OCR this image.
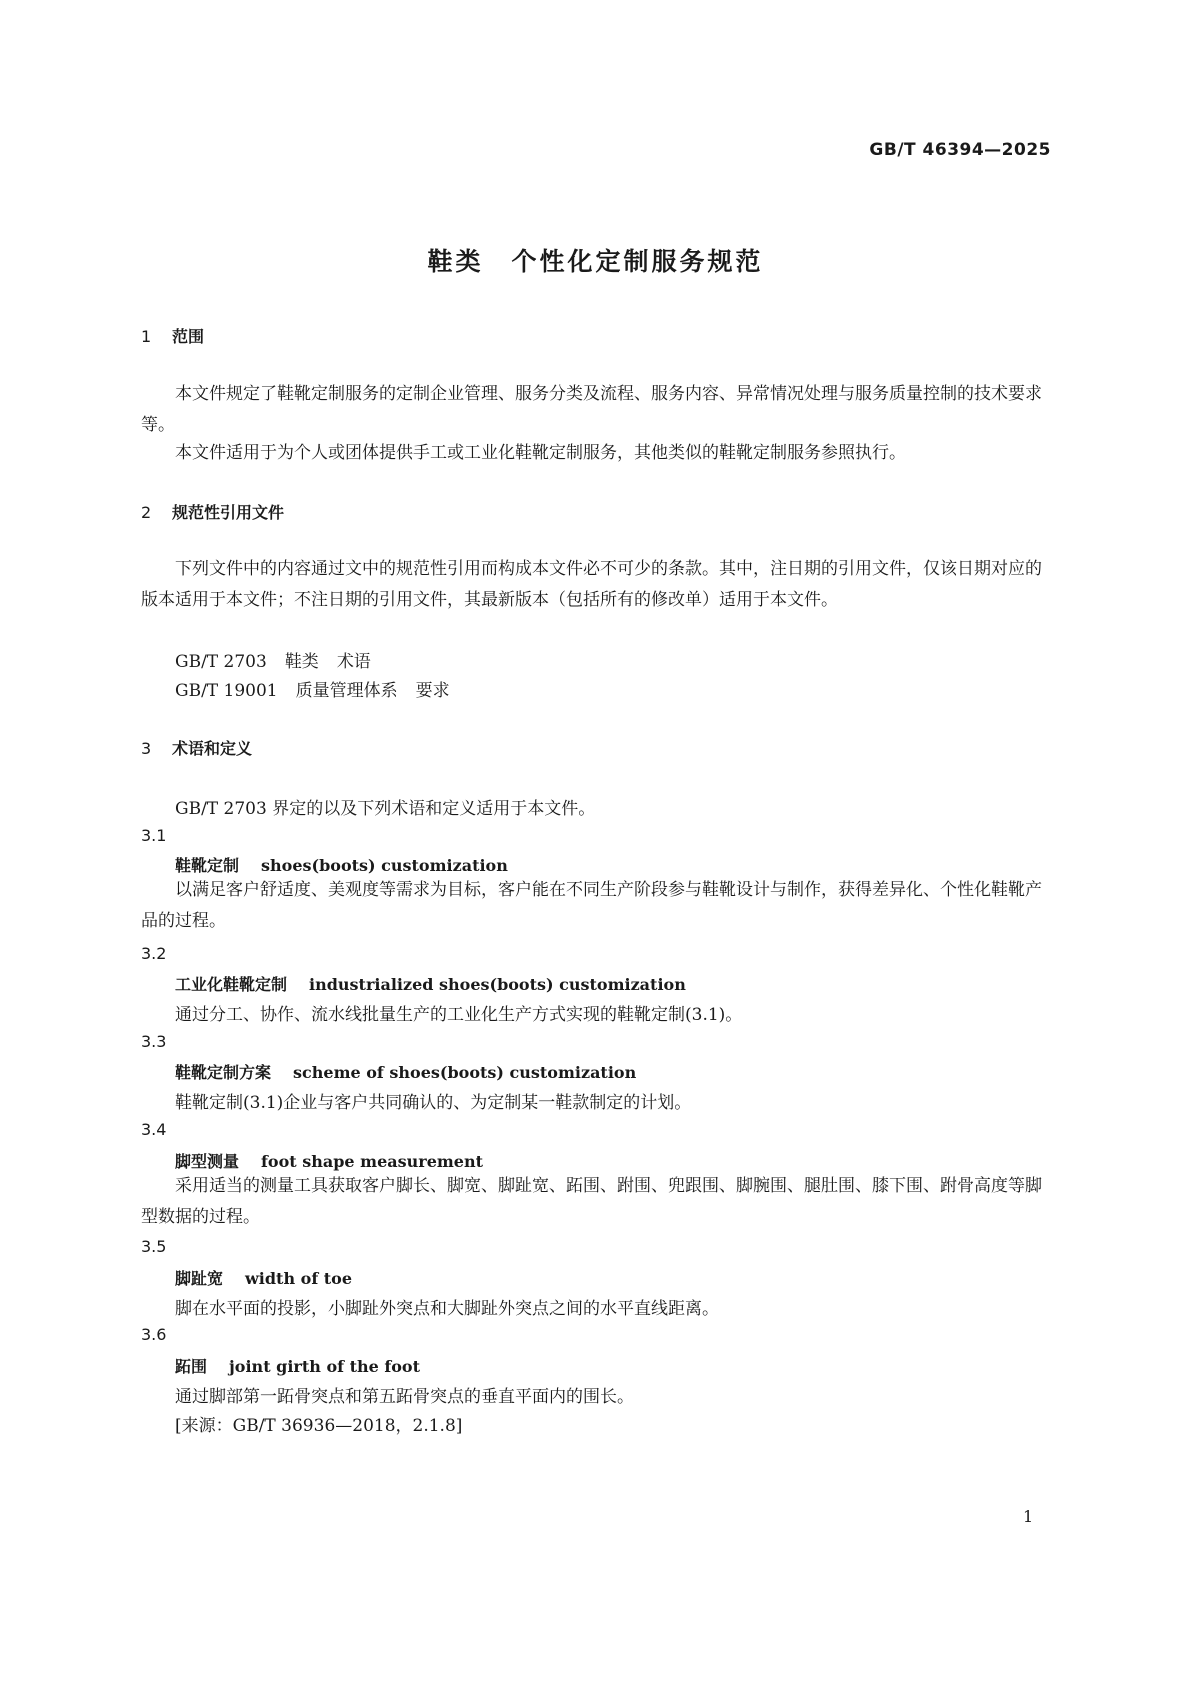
GB/T 46394—2025
鞋类 个性化定制服务规范
1 范围
本文件规定了鞋靴定制服务的定制企业管理、服务分类及流程、服务内容、异常情况处理与服务质量控制的技术要求等。
本文件适用于为个人或团体提供手工或工业化鞋靴定制服务，其他类似的鞋靴定制服务参照执行。
2 规范性引用文件
下列文件中的内容通过文中的规范性引用而构成本文件必不可少的条款。其中，注日期的引用文件，仅该日期对应的版本适用于本文件；不注日期的引用文件，其最新版本（包括所有的修改单）适用于本文件。
GB/T 2703 鞋类 术语
GB/T 19001 质量管理体系 要求
3 术语和定义
GB/T 2703 界定的以及下列术语和定义适用于本文件。
3.1
鞋靴定制 shoes(boots) customization
以满足客户舒适度、美观度等需求为目标，客户能在不同生产阶段参与鞋靴设计与制作，获得差异化、个性化鞋靴产品的过程。
3.2
工业化鞋靴定制 industrialized shoes(boots) customization
通过分工、协作、流水线批量生产的工业化生产方式实现的鞋靴定制(3.1)。
3.3
鞋靴定制方案 scheme of shoes(boots) customization
鞋靴定制(3.1)企业与客户共同确认的、为定制某一鞋款制定的计划。
3.4
脚型测量 foot shape measurement
采用适当的测量工具获取客户脚长、脚宽、脚趾宽、跖围、跗围、兜跟围、脚腕围、腿肚围、膝下围、跗骨高度等脚型数据的过程。
3.5
脚趾宽 width of toe
脚在水平面的投影，小脚趾外突点和大脚趾外突点之间的水平直线距离。
3.6
跖围 joint girth of the foot
通过脚部第一跖骨突点和第五跖骨突点的垂直平面内的围长。
[来源：GB/T 36936—2018，2.1.8]
1
